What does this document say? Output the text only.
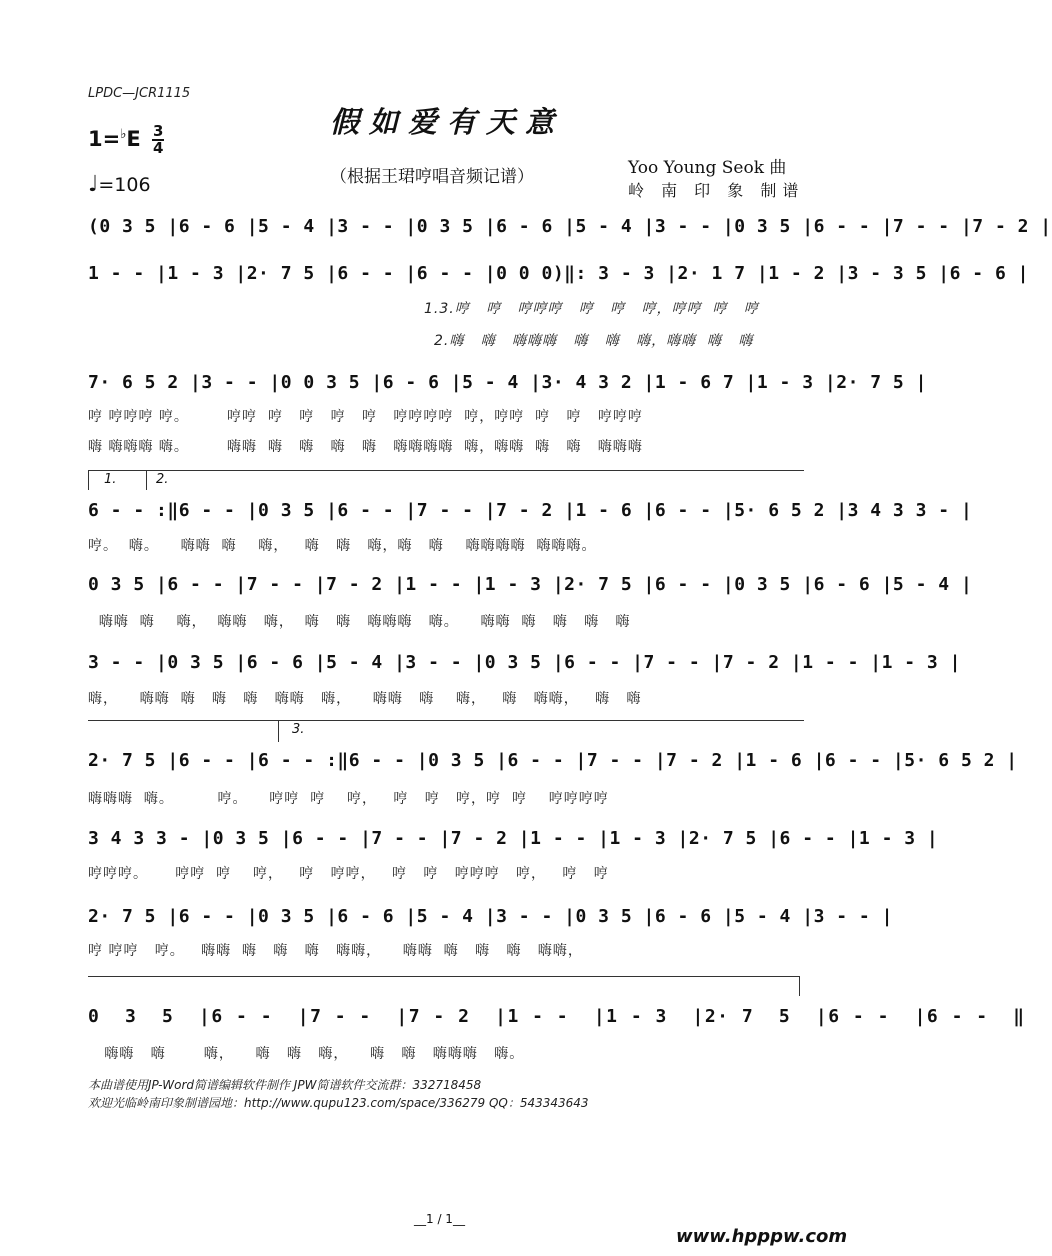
LPDC—JCR1115
假如爱有天意
$1=^♭E \frac{3}{4}$
♩=106	（根据王珺哼唱音频记谱）	Yoo Young Seok 曲
岭 南 印 象 制谱
(0 3 5 |6 - 6 |5 - 4 |3 - - |0 3 5 |6 - 6 |5 - 4 |3 - - |0 3 5 |6 - - |7 - - |7 - 2 |
1 - - |1 - 3 |2· 7 5 |6 - - |6 - - |0 0 0)‖: 3 - 3 |2· 1 7 |1 - 2 |3 - 3 5 |6 - 6 |
1.3.哼   哼   哼哼哼   哼   哼   哼，哼哼  哼   哼
2.嗨   嗨   嗨嗨嗨   嗨   嗨   嗨，嗨嗨  嗨   嗨
7· 6 5 2 |3 - - |0 0 3 5 |6 - 6 |5 - 4 |3· 4 3 2 |1 - 6 7 |1 - 3 |2· 7 5 |
哼 哼哼哼 哼。       哼哼  哼   哼   哼   哼   哼哼哼哼  哼，哼哼  哼   哼   哼哼哼
嗨 嗨嗨嗨 嗨。       嗨嗨  嗨   嗨   嗨   嗨   嗨嗨嗨嗨  嗨，嗨嗨  嗨   嗨   嗨嗨嗨
1.	2.
6 - - :‖6 - - |0 3 5 |6 - - |7 - - |7 - 2 |1 - 6 |6 - - |5· 6 5 2 |3 4 3 3 - |
哼。  嗨。    嗨嗨  嗨    嗨，   嗨   嗨   嗨，嗨   嗨    嗨嗨嗨嗨  嗨嗨嗨。
0 3 5 |6 - - |7 - - |7 - 2 |1 - - |1 - 3 |2· 7 5 |6 - - |0 3 5 |6 - 6 |5 - 4 |
嗨嗨  嗨    嗨，  嗨嗨   嗨，  嗨   嗨   嗨嗨嗨   嗨。    嗨嗨  嗨   嗨   嗨   嗨
3 - - |0 3 5 |6 - 6 |5 - 4 |3 - - |0 3 5 |6 - - |7 - - |7 - 2 |1 - - |1 - 3 |
嗨，    嗨嗨  嗨   嗨   嗨   嗨嗨   嗨，    嗨嗨   嗨    嗨，   嗨   嗨嗨，   嗨   嗨
3.
2· 7 5 |6 - - |6 - - :‖6 - - |0 3 5 |6 - - |7 - - |7 - 2 |1 - 6 |6 - - |5· 6 5 2 |
嗨嗨嗨  嗨。        哼。    哼哼  哼    哼，   哼   哼   哼，哼  哼    哼哼哼哼
3 4 3 3 - |0 3 5 |6 - - |7 - - |7 - 2 |1 - - |1 - 3 |2· 7 5 |6 - - |1 - 3 |
哼哼哼。     哼哼  哼    哼，   哼   哼哼，   哼   哼   哼哼哼   哼，   哼   哼
2· 7 5 |6 - - |0 3 5 |6 - 6 |5 - 4 |3 - - |0 3 5 |6 - 6 |5 - 4 |3 - - |
哼 哼哼   哼。   嗨嗨  嗨   嗨   嗨   嗨嗨，    嗨嗨  嗨   嗨   嗨   嗨嗨，
0  3  5  |6 - -  |7 - -  |7 - 2  |1 - -  |1 - 3  |2· 7  5  |6 - -  |6 - -  ‖
嗨嗨   嗨       嗨，    嗨   嗨   嗨，    嗨   嗨   嗨嗨嗨   嗨。
本曲谱使用JP-Word简谱编辑软件制作 JPW简谱软件交流群：332718458
欢迎光临岭南印象制谱园地：http://www.qupu123.com/space/336279 QQ：543343643
__1 / 1__
www.hpppw.com
